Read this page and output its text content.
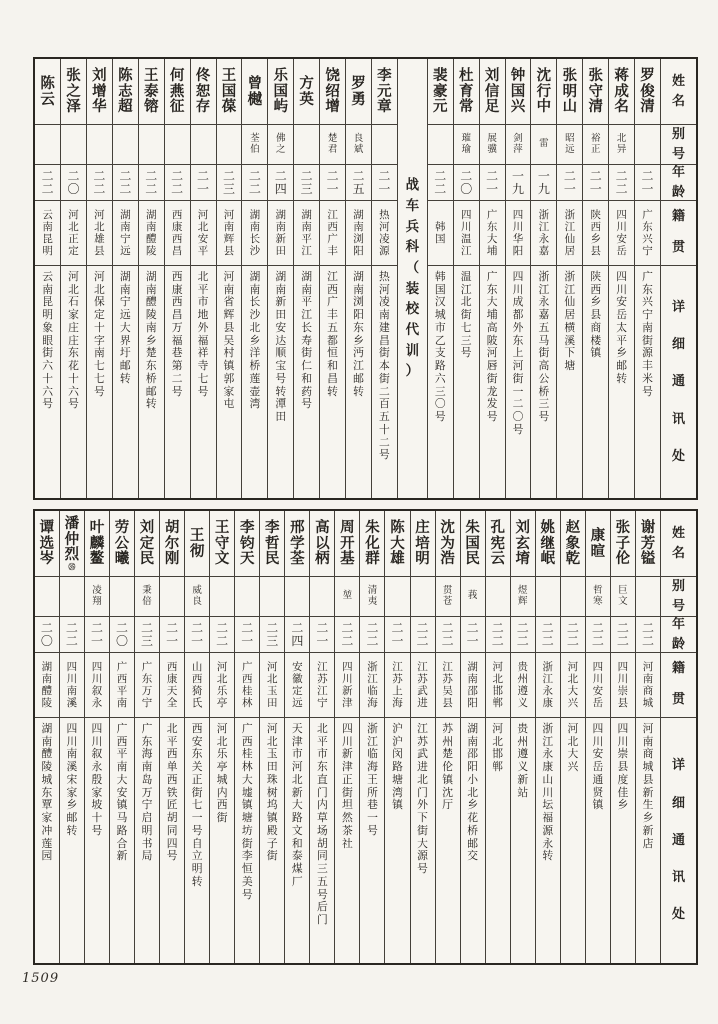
姓
名
别
号
年
龄
籍
贯
详
细
通
讯
处
罗
俊
清
二
一
广
东
兴
宁
广
东
兴
宁
南
街
源
丰
米
号
蒋
成
名
北
异
二
二
四
川
安
岳
四
川
安
岳
太
平
乡
邮
转
张
守
清
裕
正
二
一
陕
西
乡
县
陕
西
乡
县
商
楼
镇
张
明
山
昭
远
二
一
浙
江
仙
居
浙
江
仙
居
横
溪
下
塘
沈
行
中
雷
一
九
浙
江
永
嘉
浙
江
永
嘉
五
马
街
高
公
桥
三
号
钟
国
兴
剑
萍
一
九
四
川
华
阳
四
川
成
都
外
东
上
河
街
一
二
〇
号
刘
信
足
展
骥
二
一
广
东
大
埔
广
东
大
埔
高
陂
河
唇
街
龙
发
号
杜
育
常
璀
瑜
二
〇
四
川
温
江
温
江
北
街
七
三
号
裴
豪
元
二
二
韩
国
韩
国
汉
城
市
乙
支
路
六
三
〇
号
战
车
兵
科
（
装
校
代
训
）
李
元
章
二
一
热
河
凌
源
热
河
凌
南
建
昌
街
本
街
二
百
五
十
二
号
罗
勇
良
斌
二
五
湖
南
浏
阳
湖
南
浏
阳
东
乡
沔
江
邮
转
饶
绍
增
楚
君
二
一
江
西
广
丰
江
西
广
丰
五
都
恒
和
昌
转
方
英
二
三
湖
南
平
江
湖
南
平
江
长
寿
街
仁
和
药
号
乐
国
屿
佛
之
二
四
湖
南
新
田
湖
南
新
田
安
达
顺
宝
号
转
潭
田
曾
樾
荃
伯
二
二
湖
南
长
沙
湖
南
长
沙
北
乡
洋
桥
莲
壶
湾
王
国
葆
二
三
河
南
辉
县
河
南
省
辉
县
吴
村
镇
郭
家
屯
佟
恕
存
二
一
河
北
安
平
北
平
市
地
外
福
祥
寺
七
号
何
燕
征
二
二
西
康
西
昌
西
康
西
昌
万
福
巷
第
二
号
王
泰
镕
二
二
湖
南
醴
陵
湖
南
醴
陵
南
乡
楚
东
桥
邮
转
陈
志
超
二
二
湖
南
宁
远
湖
南
宁
远
大
界
圩
邮
转
刘
增
华
二
二
河
北
雄
县
河
北
保
定
十
字
南
七
七
号
张
之
泽
二
〇
河
北
正
定
河
北
石
家
庄
庄
东
花
十
六
号
陈
云
二
二
云
南
昆
明
云
南
昆
明
象
眼
街
六
十
六
号
姓
名
别
号
年
龄
籍
贯
详
细
通
讯
处
谢
芳
镒
二
二
河
南
商
城
河
南
商
城
县
新
生
乡
新
店
张
子
伦
巨
文
二
二
四
川
崇
县
四
川
崇
县
度
佳
乡
康
暄
哲
寒
二
二
四
川
安
岳
四
川
安
岳
通
贤
镇
赵
象
乾
二
二
河
北
大
兴
河
北
大
兴
姚
继
岷
二
二
浙
江
永
康
浙
江
永
康
山
川
坛
福
源
永
转
刘
玄
堉
煜
辉
二
二
贵
州
遵
义
贵
州
遵
义
新
站
孔
宪
云
二
二
河
北
邯
郸
河
北
邯
郸
朱
国
民
莪
二
一
湖
南
邵
阳
湖
南
邵
阳
小
北
乡
花
桥
邮
交
沈
为
浩
贯
苍
二
二
江
苏
吴
县
苏
州
楚
伦
镇
沈
厅
庄
培
明
二
二
江
苏
武
进
江
苏
武
进
北
门
外
下
街
大
源
号
陈
大
雄
二
一
江
苏
上
海
沪
沪
闵
路
塘
湾
镇
朱
化
群
清
夷
二
二
浙
江
临
海
浙
江
临
海
王
所
巷
一
号
周
开
基
堃
二
二
四
川
新
津
四
川
新
津
正
街
坦
然
茶
社
高
以
柄
二
一
江
苏
江
宁
北
平
市
东
直
门
内
草
场
胡
同
三
五
号
后
门
邢
学
荃
二
四
安
徽
定
远
天
津
市
河
北
新
大
路
文
和
泰
煤
厂
李
哲
民
二
三
河
北
玉
田
河
北
玉
田
珠
树
坞
镇
殿
子
街
李
钧
天
二
一
广
西
桂
林
广
西
桂
林
大
墟
镇
塘
坊
街
李
恒
美
号
王
守
文
二
二
河
北
乐
亭
河
北
乐
亭
城
内
西
街
王
彻
威
良
二
一
山
西
猗
氏
西
安
东
关
正
街
七
一
号
自
立
明
转
胡
尔
刚
二
一
西
康
天
全
北
平
西
单
西
铁
匠
胡
同
四
号
刘
定
民
秉
倍
二
三
广
东
万
宁
广
东
海
南
岛
万
宁
启
明
书
局
劳
公
曦
二
〇
广
西
平
南
广
西
平
南
大
安
镇
马
路
合
新
叶
麟
鳌
凌
翔
二
一
四
川
叙
永
四
川
叙
永
殷
家
坡
十
号
潘
仲
烈
㉟
二
二
四
川
南
溪
四
川
南
溪
宋
家
乡
邮
转
谭
选
岑
二
〇
湖
南
醴
陵
湖
南
醴
陵
城
东
覃
家
冲
莲
园
1509
